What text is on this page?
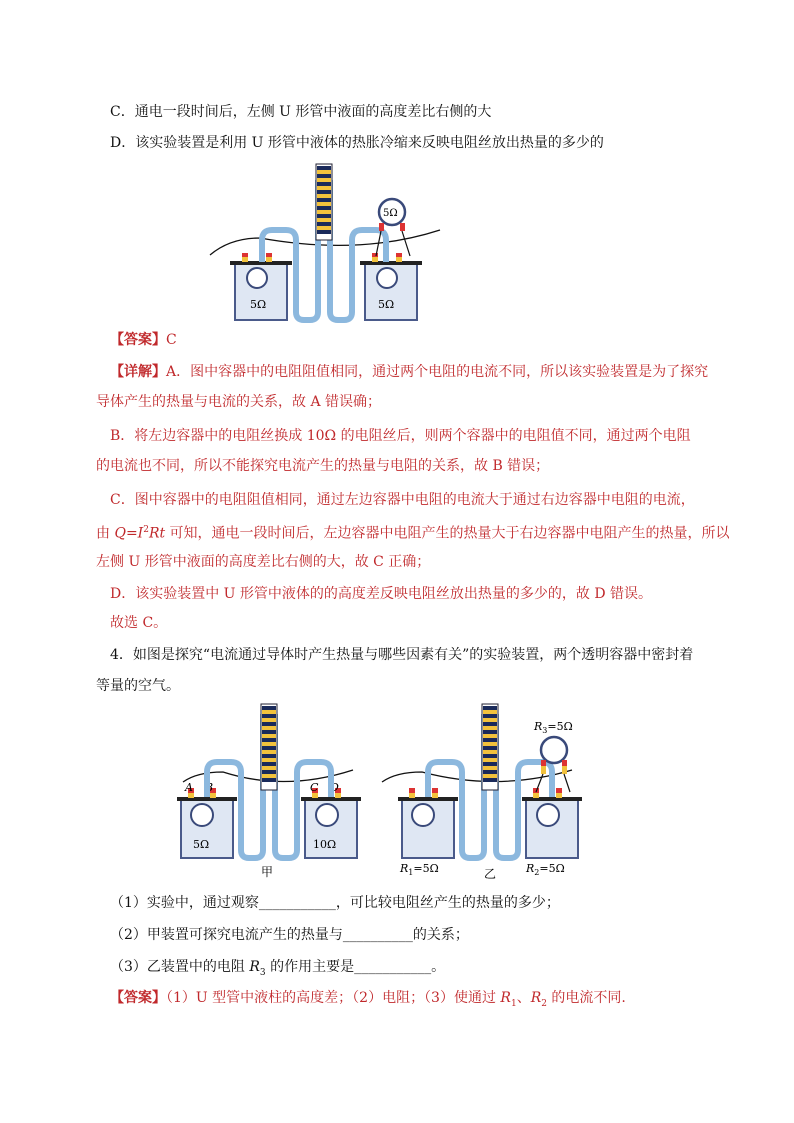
C．通电一段时间后，左侧 U 形管中液面的高度差比右侧的大
D．该实验装置是利用 U 形管中液体的热胀冷缩来反映电阻丝放出热量的多少的
5Ω	5Ω
5Ω
【答案】C
【详解】A．图中容器中的电阻阻值相同，通过两个电阻的电流不同，所以该实验装置是为了探究
导体产生的热量与电流的关系，故 A 错误确；
B．将左边容器中的电阻丝换成 10Ω 的电阻丝后，则两个容器中的电阻值不同，通过两个电阻
的电流也不同，所以不能探究电流产生的热量与电阻的关系，故 B 错误；
C．图中容器中的电阻阻值相同，通过左边容器中电阻的电流大于通过右边容器中电阻的电流，
由 $Q=I^2Rt$ 可知，通电一段时间后，左边容器中电阻产生的热量大于右边容器中电阻产生的热量，所以
左侧 U 形管中液面的高度差比右侧的大，故 C 正确；
D．该实验装置中 U 形管中液体的的高度差反映电阻丝放出热量的多少的，故 D 错误。
故选 C。
4．如图是探究“电流通过导体时产生热量与哪些因素有关”的实验装置，两个透明容器中密封着
等量的空气。
A B
5Ω
C D
10Ω
甲	$R_1=5\Omega$	$R_2=5\Omega$
$R_3=5\Omega$
乙
（1）实验中，通过观察___________，可比较电阻丝产生的热量的多少；
（2）甲装置可探究电流产生的热量与__________的关系；
（3）乙装置中的电阻 $R_3$ 的作用主要是___________。
【答案】（1）U 型管中液柱的高度差；（2）电阻；（3）使通过 $R_1$、$R_2$ 的电流不同.
